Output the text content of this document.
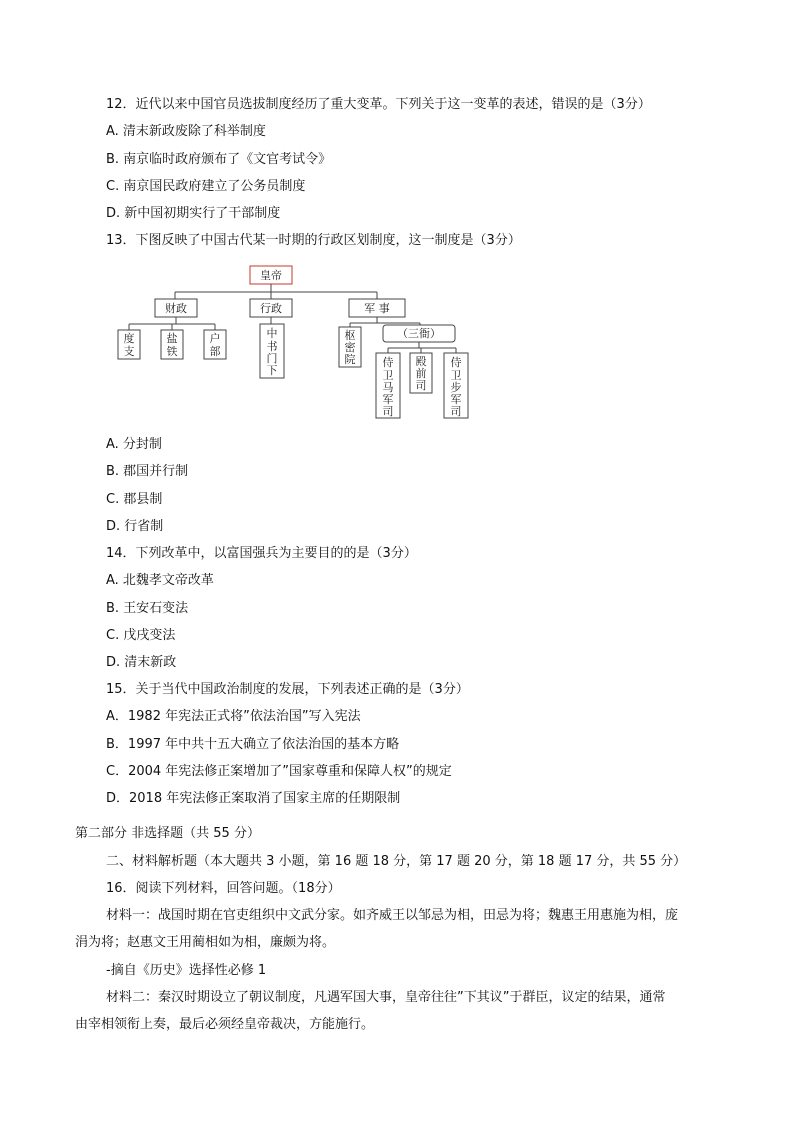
12．近代以来中国官员选拔制度经历了重大变革。下列关于这一变革的表述，错误的是（3分）
A. 清末新政废除了科举制度
B. 南京临时政府颁布了《文官考试令》
C. 南京国民政府建立了公务员制度
D. 新中国初期实行了干部制度
13．下图反映了中国古代某一时期的行政区划制度，这一制度是（3分）
皇帝
财政	行政	军 事
度
支
盐
铁
户
部
中
书
门
下
枢
密
院
（三衙）
侍
卫
马
军
司
殿
前
司
侍
卫
步
军
司
A. 分封制
B. 郡国并行制
C. 郡县制
D. 行省制
14．下列改革中，以富国强兵为主要目的的是（3分）
A. 北魏孝文帝改革
B. 王安石变法
C. 戊戌变法
D. 清末新政
15．关于当代中国政治制度的发展，下列表述正确的是（3分）
A．1982 年宪法正式将”依法治国”写入宪法
B．1997 年中共十五大确立了依法治国的基本方略
C．2004 年宪法修正案增加了”国家尊重和保障人权”的规定
D．2018 年宪法修正案取消了国家主席的任期限制
第二部分 非选择题（共 55 分）
二、材料解析题（本大题共 3 小题，第 16 题 18 分，第 17 题 20 分，第 18 题 17 分，共 55 分）
16．阅读下列材料，回答问题。（18分）
材料一：战国时期在官吏组织中文武分家。如齐威王以邹忌为相，田忌为将；魏惠王用惠施为相，庞
涓为将；赵惠文王用蔺相如为相，廉颇为将。
-摘自《历史》选择性必修 1
材料二：秦汉时期设立了朝议制度，凡遇军国大事，皇帝往往”下其议”于群臣，议定的结果，通常
由宰相领衔上奏，最后必须经皇帝裁决，方能施行。
